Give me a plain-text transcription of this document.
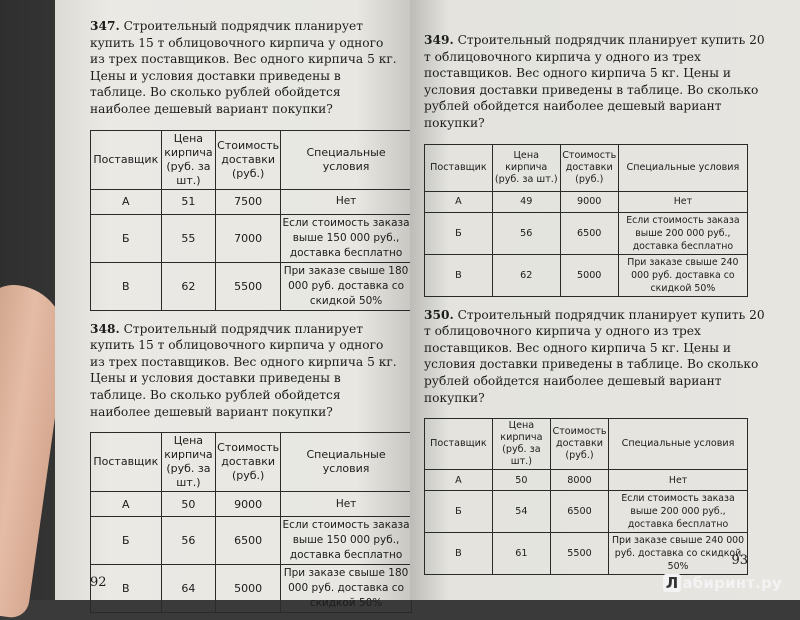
347. Строительный подрядчик планирует купить 15 т облицовочного кирпича у одного из трех поставщиков. Вес одного кирпича 5 кг. Цены и условия доставки приведены в таблице. Во сколько рублей обойдется наиболее дешевый вариант покупки?

Поставщик	Цена кирпича (руб. за шт.)	Стоимость доставки (руб.)	Специальные условия
А	51	7500	Нет
Б	55	7000	Если стоимость заказа выше 150 000 руб., доставка бесплатно
В	62	5500	При заказе свыше 180 000 руб. доставка со скидкой 50%

348. Строительный подрядчик планирует купить 15 т облицовочного кирпича у одного из трех поставщиков. Вес одного кирпича 5 кг. Цены и условия доставки приведены в таблице. Во сколько рублей обойдется наиболее дешевый вариант покупки?

Поставщик	Цена кирпича (руб. за шт.)	Стоимость доставки (руб.)	Специальные условия
А	50	9000	Нет
Б	56	6500	Если стоимость заказа выше 150 000 руб., доставка бесплатно
В	64	5000	При заказе свыше 180 000 руб. доставка со скидкой 50%
92

349. Строительный подрядчик планирует купить 20 т облицовочного кирпича у одного из трех поставщиков. Вес одного кирпича 5 кг. Цены и условия доставки приведены в таблице. Во сколько рублей обойдется наиболее дешевый вариант покупки?

Поставщик	Цена кирпича (руб. за шт.)	Стоимость доставки (руб.)	Специальные условия
А	49	9000	Нет
Б	56	6500	Если стоимость заказа выше 200 000 руб., доставка бесплатно
В	62	5000	При заказе свыше 240 000 руб. доставка со скидкой 50%

350. Строительный подрядчик планирует купить 20 т облицовочного кирпича у одного из трех поставщиков. Вес одного кирпича 5 кг. Цены и условия доставки приведены в таблице. Во сколько рублей обойдется наиболее дешевый вариант покупки?

Поставщик	Цена кирпича (руб. за шт.)	Стоимость доставки (руб.)	Специальные условия
А	50	8000	Нет
Б	54	6500	Если стоимость заказа выше 200 000 руб., доставка бесплатно
В	61	5500	При заказе свыше 240 000 руб. доставка со скидкой 50%	93
Л абиринт.ру
